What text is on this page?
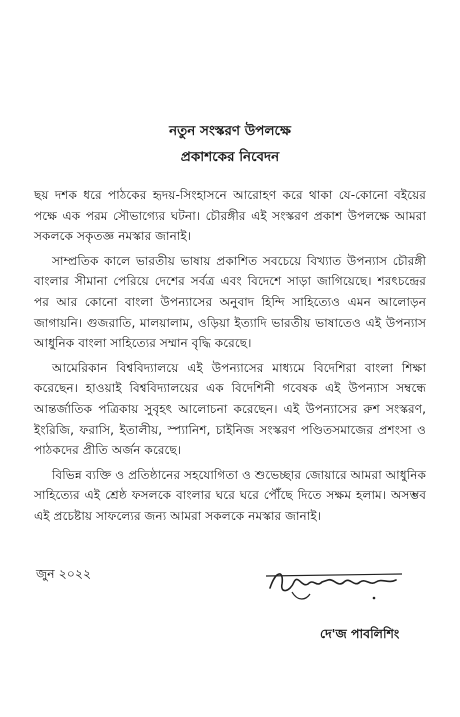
নতুন সংস্করণ উপলক্ষে
প্রকাশকের নিবেদন

ছয় দশক ধরে পাঠকের হৃদয়-সিংহাসনে আরোহণ করে থাকা যে-কোনো বইয়ের পক্ষে এক পরম সৌভাগ্যের ঘটনা। চৌরঙ্গীর এই সংস্করণ প্রকাশ উপলক্ষে আমরা সকলকে সকৃতজ্ঞ নমস্কার জানাই।

সাম্প্রতিক কালে ভারতীয় ভাষায় প্রকাশিত সবচেয়ে বিখ্যাত উপন্যাস চৌরঙ্গী বাংলার সীমানা পেরিয়ে দেশের সর্বত্র এবং বিদেশে সাড়া জাগিয়েছে। শরৎচন্দ্রের পর আর কোনো বাংলা উপন্যাসের অনুবাদ হিন্দি সাহিত্যেও এমন আলোড়ন জাগায়নি। গুজরাতি, মালয়ালাম, ওড়িয়া ইত্যাদি ভারতীয় ভাষাতেও এই উপন্যাস আধুনিক বাংলা সাহিত্যের সম্মান বৃদ্ধি করেছে।

আমেরিকান বিশ্ববিদ্যালয়ে এই উপন্যাসের মাধ্যমে বিদেশিরা বাংলা শিক্ষা করেছেন। হাওয়াই বিশ্ববিদ্যালয়ের এক বিদেশিনী গবেষক এই উপন্যাস সম্বন্ধে আন্তর্জাতিক পত্রিকায় সুবৃহৎ আলোচনা করেছেন। এই উপন্যাসের রুশ সংস্করণ, ইংরিজি, ফরাসি, ইতালীয়, স্প্যানিশ, চাইনিজ সংস্করণ পণ্ডিতসমাজের প্রশংসা ও পাঠকদের প্রীতি অর্জন করেছে।

বিভিন্ন ব্যক্তি ও প্রতিষ্ঠানের সহযোগিতা ও শুভেচ্ছার জোয়ারে আমরা আধুনিক সাহিত্যের এই শ্রেষ্ঠ ফসলকে বাংলার ঘরে ঘরে পৌঁছে দিতে সক্ষম হলাম। অসম্ভব এই প্রচেষ্টায় সাফল্যের জন্য আমরা সকলকে নমস্কার জানাই।

জুন ২০২২
দে'জ পাবলিশিং
